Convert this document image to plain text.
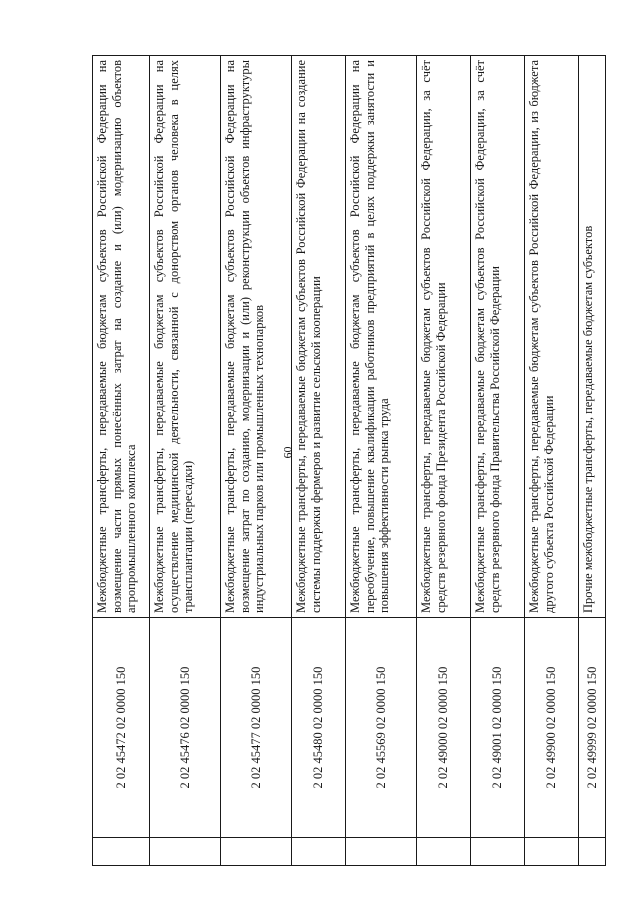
60
	2 02 45472 02 0000 150	Межбюджетные трансферты, передаваемые бюджетам субъектов Российской Федерации на возмещение части прямых понесённых затрат на создание и (или) модернизацию объектов агропромышленного комплекса
	2 02 45476 02 0000 150	Межбюджетные трансферты, передаваемые бюджетам субъектов Российской Федерации на осуществление медицинской деятельности, связанной с донорством органов человека в целях трансплантации (пересадки)
	2 02 45477 02 0000 150	Межбюджетные трансферты, передаваемые бюджетам субъектов Российской Федерации на возмещение затрат по созданию, модернизации и (или) реконструкции объектов инфраструктуры индустриальных парков или промышленных технопарков
	2 02 45480 02 0000 150	Межбюджетные трансферты, передаваемые бюджетам субъектов Российской Федерации на создание системы поддержки фермеров и развитие сельской кооперации
	2 02 45569 02 0000 150	Межбюджетные трансферты, передаваемые бюджетам субъектов Российской Федерации на переобучение, повышение квалификации работников предприятий в целях поддержки занятости и повышения эффективности рынка труда
	2 02 49000 02 0000 150	Межбюджетные трансферты, передаваемые бюджетам субъектов Российской Федерации, за счёт средств резервного фонда Президента Российской Федерации
	2 02 49001 02 0000 150	Межбюджетные трансферты, передаваемые бюджетам субъектов Российской Федерации, за счёт средств резервного фонда Правительства Российской Федерации
	2 02 49900 02 0000 150	Межбюджетные трансферты, передаваемые бюджетам субъектов Российской Федерации, из бюджета другого субъекта Российской Федерации
	2 02 49999 02 0000 150	Прочие межбюджетные трансферты, передаваемые бюджетам субъектов
